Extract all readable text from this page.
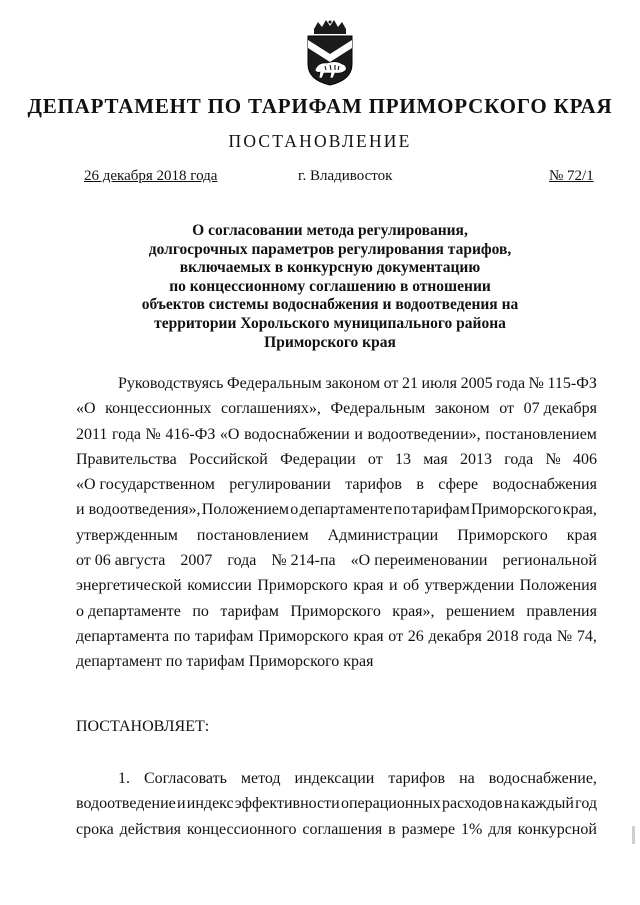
ДЕПАРТАМЕНТ ПО ТАРИФАМ ПРИМОРСКОГО КРАЯ
ПОСТАНОВЛЕНИЕ
26 декабря 2018 года	г. Владивосток	№ 72/1
О согласовании метода регулирования,
долгосрочных параметров регулирования тарифов,
включаемых в конкурсную документацию
по концессионному соглашению в отношении
объектов системы водоснабжения и водоотведения на
территории Хорольского муниципального района
Приморского края
Руководствуясь Федеральным законом от 21 июля 2005 года № 115-ФЗ
«О концессионных соглашениях», Федеральным законом от 07 декабря
2011 года № 416-ФЗ «О водоснабжении и водоотведении», постановлением
Правительства Российской Федерации от 13 мая 2013 года № 406
«О государственном регулировании тарифов в сфере водоснабжения
и водоотведения», Положением о департаменте по тарифам Приморского края,
утвержденным постановлением Администрации Приморского края
от 06 августа 2007 года № 214-па «О переименовании региональной
энергетической комиссии Приморского края и об утверждении Положения
о департаменте по тарифам Приморского края», решением правления
департамента по тарифам Приморского края от 26 декабря 2018 года № 74,
департамент по тарифам Приморского края
ПОСТАНОВЛЯЕТ:
1. Согласовать метод индексации тарифов на водоснабжение,
водоотведение и индекс эффективности операционных расходов на каждый год
срока действия концессионного соглашения в размере 1% для конкурсной
